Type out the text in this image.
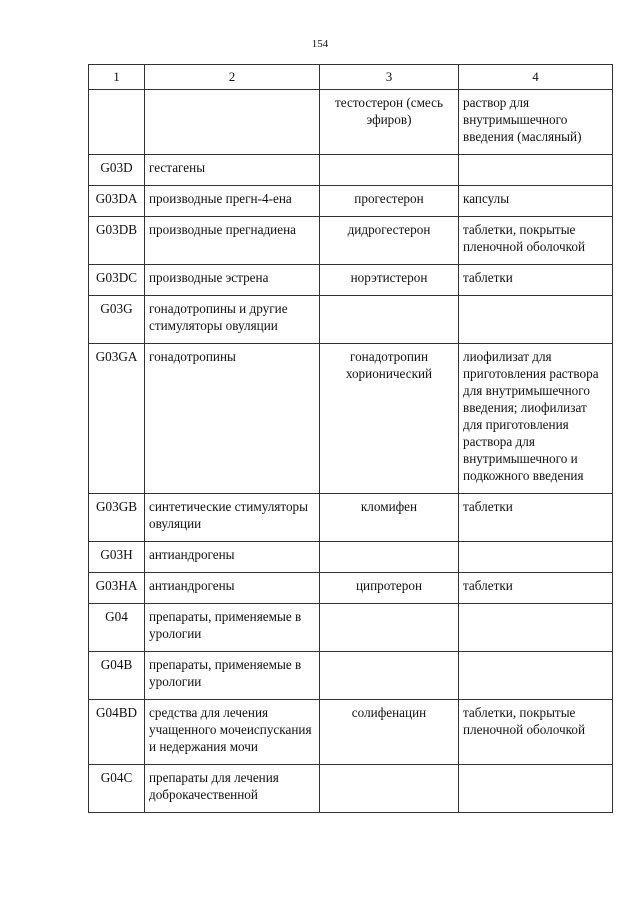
154
1	2	3	4
		тестостерон (смесь эфиров)	раствор для внутримышечного введения (масляный)
G03D	гестагены		
G03DA	производные прегн-4-ена	прогестерон	капсулы
G03DB	производные прегнадиена	дидрогестерон	таблетки, покрытые пленочной оболочкой
G03DC	производные эстрена	норэтистерон	таблетки
G03G	гонадотропины и другие стимуляторы овуляции		
G03GA	гонадотропины	гонадотропин хорионический	лиофилизат для приготовления раствора для внутримышечного введения; лиофилизат для приготовления раствора для внутримышечного и подкожного введения
G03GB	синтетические стимуляторы овуляции	кломифен	таблетки
G03H	антиандрогены		
G03HA	антиандрогены	ципротерон	таблетки
G04	препараты, применяемые в урологии		
G04B	препараты, применяемые в урологии		
G04BD	средства для лечения учащенного мочеиспускания и недержания мочи	солифенацин	таблетки, покрытые пленочной оболочкой
G04C	препараты для лечения доброкачественной		
